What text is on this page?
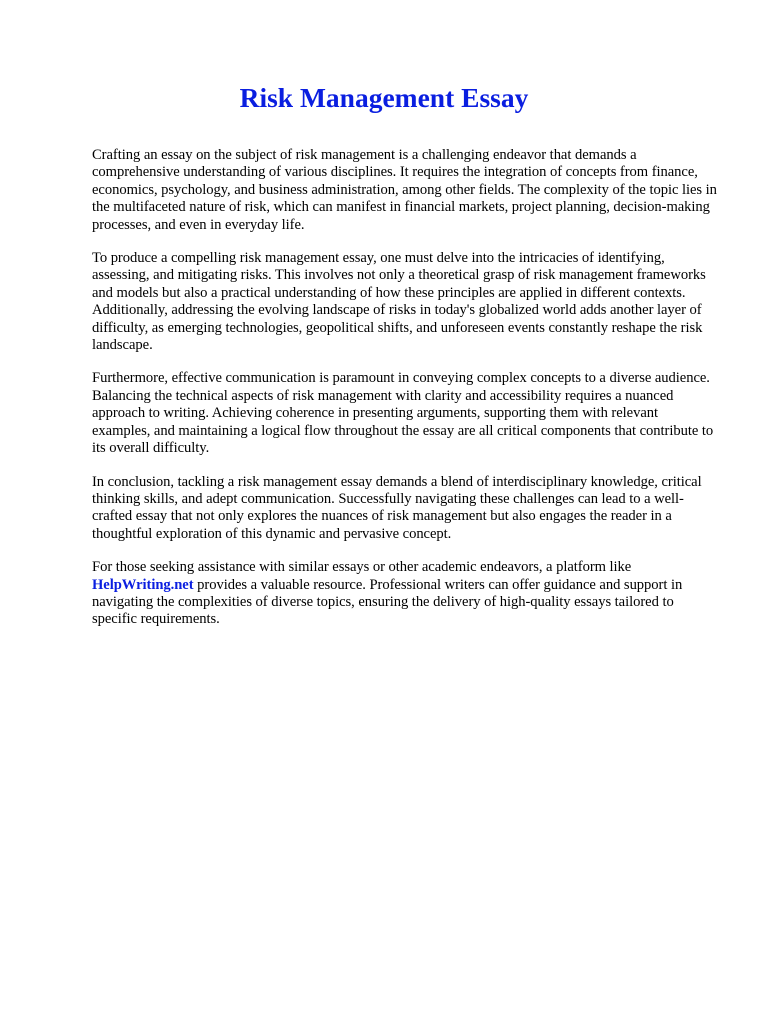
Risk Management Essay

Crafting an essay on the subject of risk management is a challenging endeavor that demands a comprehensive understanding of various disciplines. It requires the integration of concepts from finance, economics, psychology, and business administration, among other fields. The complexity of the topic lies in the multifaceted nature of risk, which can manifest in financial markets, project planning, decision-making processes, and even in everyday life.

To produce a compelling risk management essay, one must delve into the intricacies of identifying, assessing, and mitigating risks. This involves not only a theoretical grasp of risk management frameworks and models but also a practical understanding of how these principles are applied in different contexts. Additionally, addressing the evolving landscape of risks in today's globalized world adds another layer of difficulty, as emerging technologies, geopolitical shifts, and unforeseen events constantly reshape the risk landscape.

Furthermore, effective communication is paramount in conveying complex concepts to a diverse audience. Balancing the technical aspects of risk management with clarity and accessibility requires a nuanced approach to writing. Achieving coherence in presenting arguments, supporting them with relevant examples, and maintaining a logical flow throughout the essay are all critical components that contribute to its overall difficulty.

In conclusion, tackling a risk management essay demands a blend of interdisciplinary knowledge, critical thinking skills, and adept communication. Successfully navigating these challenges can lead to a well-crafted essay that not only explores the nuances of risk management but also engages the reader in a thoughtful exploration of this dynamic and pervasive concept.

For those seeking assistance with similar essays or other academic endeavors, a platform like HelpWriting.net provides a valuable resource. Professional writers can offer guidance and support in navigating the complexities of diverse topics, ensuring the delivery of high-quality essays tailored to specific requirements.
